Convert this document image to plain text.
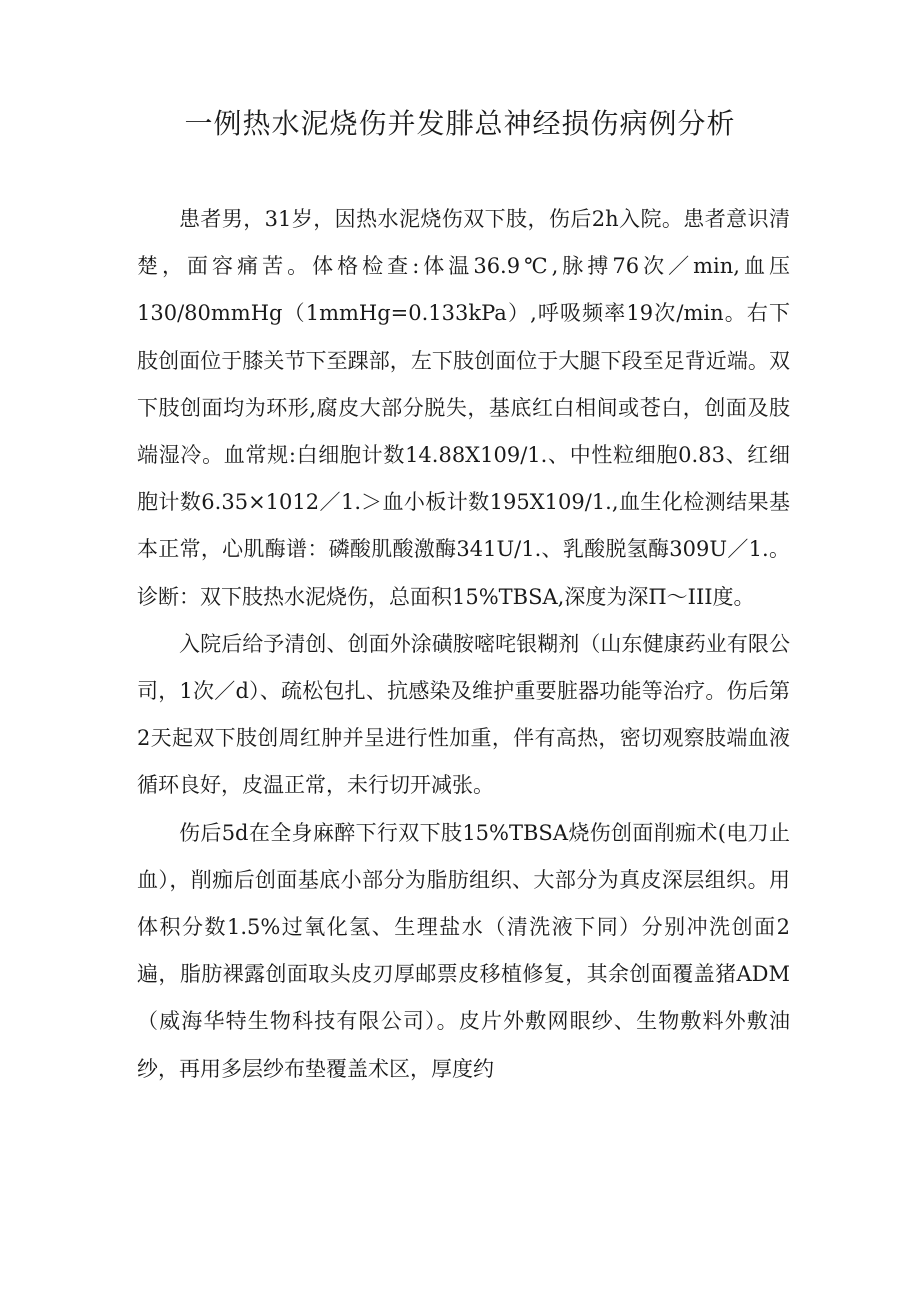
一例热水泥烧伤并发腓总神经损伤病例分析

患者男，31岁，因热水泥烧伤双下肢，伤后2h入院。患者意识清楚，面容痛苦。体格检查:体温36.9℃,脉搏76次／min,血压130/80mmHg（1mmHg=0.133kPa）,呼吸频率19次/min。右下肢创面位于膝关节下至踝部，左下肢创面位于大腿下段至足背近端。双下肢创面均为环形,腐皮大部分脱失，基底红白相间或苍白，创面及肢端湿冷。血常规:白细胞计数14.88X109/1.、中性粒细胞0.83、红细胞计数6.35×1012／1.＞血小板计数195X109/1.,血生化检测结果基本正常，心肌酶谱：磷酸肌酸激酶341U/1.、乳酸脱氢酶309U／1.。诊断：双下肢热水泥烧伤，总面积15%TBSA,深度为深Π～III度。

入院后给予清创、创面外涂磺胺嘧咤银糊剂（山东健康药业有限公司，1次／d）、疏松包扎、抗感染及维护重要脏器功能等治疗。伤后第2天起双下肢创周红肿并呈进行性加重，伴有高热，密切观察肢端血液循环良好，皮温正常，未行切开减张。

伤后5d在全身麻醉下行双下肢15%TBSA烧伤创面削痂术(电刀止血），削痂后创面基底小部分为脂肪组织、大部分为真皮深层组织。用体积分数1.5%过氧化氢、生理盐水（清洗液下同）分别冲洗创面2遍，脂肪裸露创面取头皮刃厚邮票皮移植修复，其余创面覆盖猪ADM（威海华特生物科技有限公司）。皮片外敷网眼纱、生物敷料外敷油纱，再用多层纱布垫覆盖术区，厚度约
